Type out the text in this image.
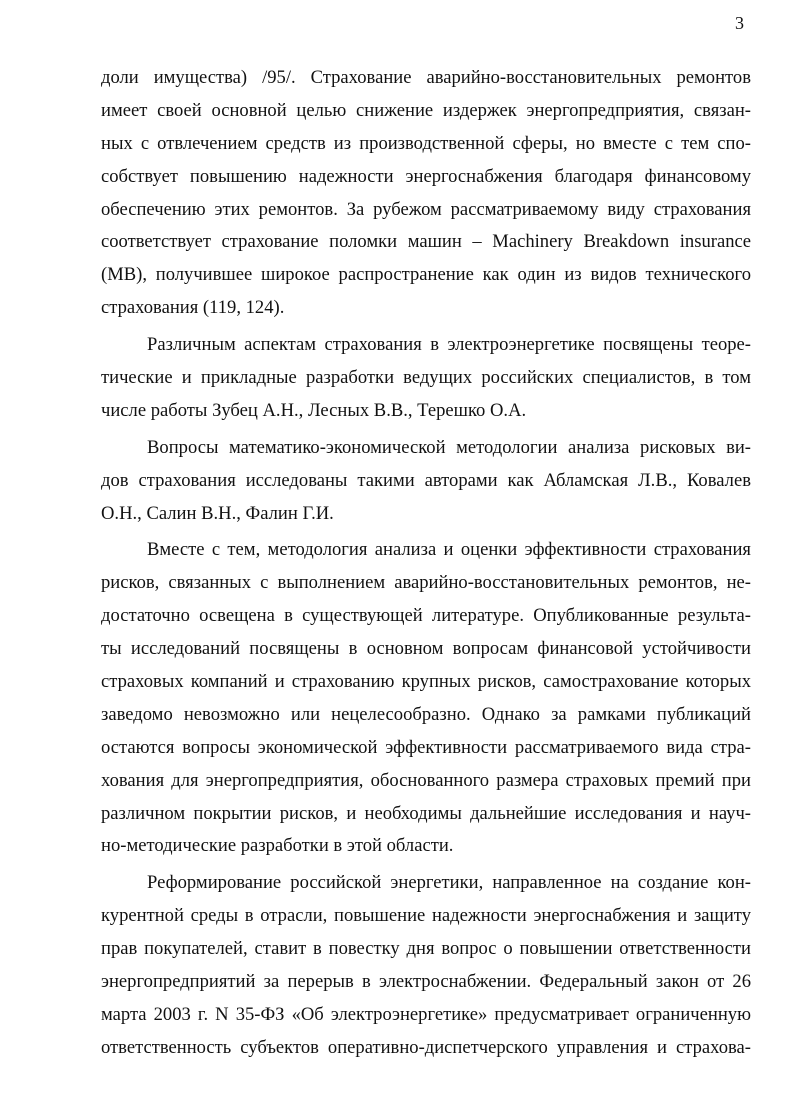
3
доли имущества) /95/. Страхование аварийно-восстановительных ремонтов
имеет своей основной целью снижение издержек энергопредприятия, связан-
ных с отвлечением средств из производственной сферы, но вместе с тем спо-
собствует повышению надежности энергоснабжения благодаря финансовому
обеспечению этих ремонтов. За рубежом рассматриваемому виду страхования
соответствует страхование поломки машин – Machinery Breakdown insurance
(MB), получившее широкое распространение как один из видов технического
страхования (119, 124).
Различным аспектам страхования в электроэнергетике посвящены теоре-
тические и прикладные разработки ведущих российских специалистов, в том
числе работы Зубец А.Н., Лесных В.В., Терешко О.А.
Вопросы математико-экономической методологии анализа рисковых ви-
дов страхования исследованы такими авторами как Абламская Л.В., Ковалев
О.Н., Салин В.Н., Фалин Г.И.
Вместе с тем, методология анализа и оценки эффективности страхования
рисков, связанных с выполнением аварийно-восстановительных ремонтов, не-
достаточно освещена в существующей литературе. Опубликованные результа-
ты исследований посвящены в основном вопросам финансовой устойчивости
страховых компаний и страхованию крупных рисков, самострахование которых
заведомо невозможно или нецелесообразно. Однако за рамками публикаций
остаются вопросы экономической эффективности рассматриваемого вида стра-
хования для энергопредприятия, обоснованного размера страховых премий при
различном покрытии рисков, и необходимы дальнейшие исследования и науч-
но-методические разработки в этой области.
Реформирование российской энергетики, направленное на создание кон-
курентной среды в отрасли, повышение надежности энергоснабжения и защиту
прав покупателей, ставит в повестку дня вопрос о повышении ответственности
энергопредприятий за перерыв в электроснабжении. Федеральный закон от 26
марта 2003 г. N 35-ФЗ «Об электроэнергетике» предусматривает ограниченную
ответственность субъектов оперативно-диспетчерского управления и страхова-
